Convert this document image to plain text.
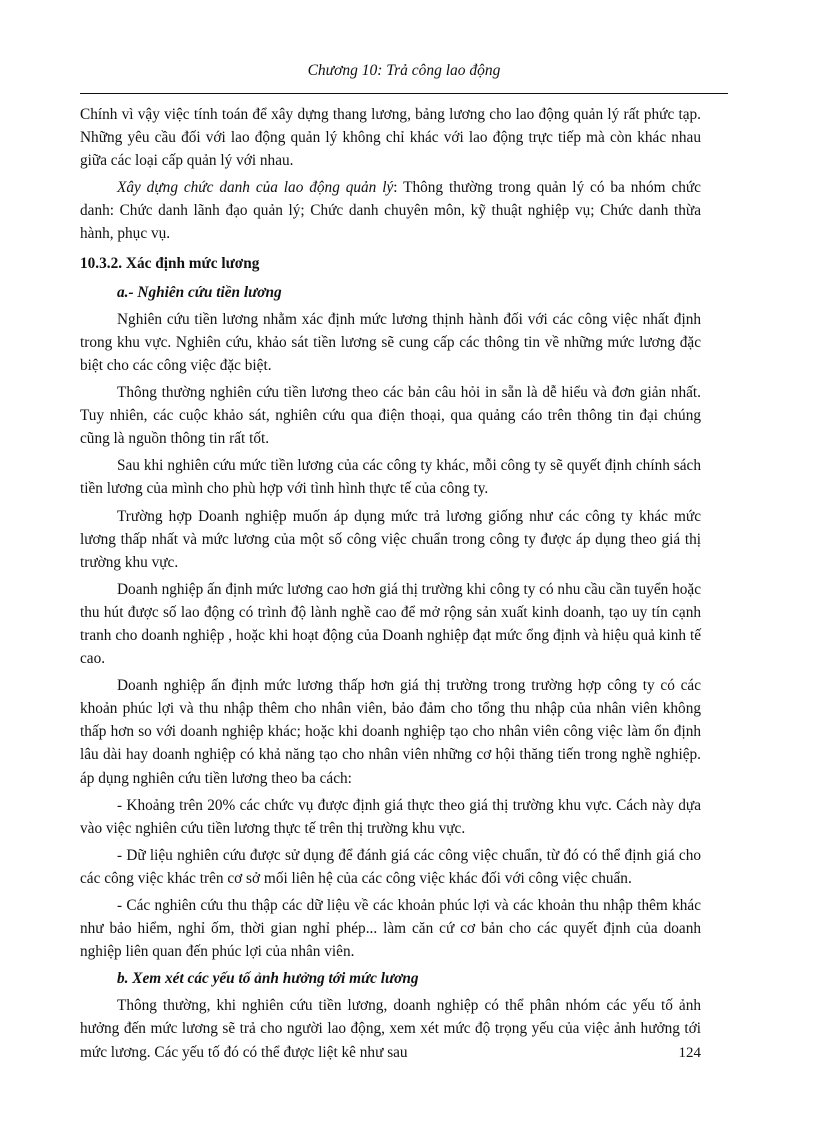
Chương 10: Trả công lao động

Chính vì vậy việc tính toán để xây dựng thang lương, bảng lương cho lao động quản lý rất phức tạp. Những yêu cầu đối với lao động quản lý không chỉ khác với lao động trực tiếp mà còn khác nhau giữa các loại cấp quản lý với nhau.

Xây dựng chức danh của lao động quản lý: Thông thường trong quản lý có ba nhóm chức danh: Chức danh lãnh đạo quản lý; Chức danh chuyên môn, kỹ thuật nghiệp vụ; Chức danh thừa hành, phục vụ.

10.3.2. Xác định mức lương

a.- Nghiên cứu tiền lương

Nghiên cứu tiền lương nhằm xác định mức lương thịnh hành đối với các công việc nhất định trong khu vực. Nghiên cứu, khảo sát tiền lương sẽ cung cấp các thông tin về những mức lương đặc biệt cho các công việc đặc biệt.

Thông thường nghiên cứu tiền lương theo các bản câu hỏi in sẵn là dễ hiểu và đơn giản nhất. Tuy nhiên, các cuộc khảo sát, nghiên cứu qua điện thoại, qua quảng cáo trên thông tin đại chúng cũng là nguồn thông tin rất tốt.

Sau khi nghiên cứu mức tiền lương của các công ty khác, mỗi công ty sẽ quyết định chính sách tiền lương của mình cho phù hợp với tình hình thực tế của công ty.

Trường hợp Doanh nghiệp muốn áp dụng mức trả lương giống như các công ty khác mức lương thấp nhất và mức lương của một số công việc chuẩn trong công ty được áp dụng theo giá thị trường khu vực.

Doanh nghiệp ấn định mức lương cao hơn giá thị trường khi công ty có nhu cầu cần tuyển hoặc thu hút được số lao động có trình độ lành nghề cao để mở rộng sản xuất kinh doanh, tạo uy tín cạnh tranh cho doanh nghiệp , hoặc khi hoạt động của Doanh nghiệp đạt mức ổng định và hiệu quả kinh tế cao.

Doanh nghiệp ấn định mức lương thấp hơn giá thị trường trong trường hợp công ty có các khoản phúc lợi và thu nhập thêm cho nhân viên, bảo đảm cho tổng thu nhập của nhân viên không thấp hơn so với doanh nghiệp khác; hoặc khi doanh nghiệp tạo cho nhân viên công việc làm ổn định lâu dài hay doanh nghiệp có khả năng tạo cho nhân viên những cơ hội thăng tiến trong nghề nghiệp. áp dụng nghiên cứu tiền lương theo ba cách:

- Khoảng trên 20% các chức vụ được định giá thực theo giá thị trường khu vực. Cách này dựa vào việc nghiên cứu tiền lương thực tế trên thị trường khu vực.

- Dữ liệu nghiên cứu được sử dụng để đánh giá các công việc chuẩn, từ đó có thể định giá cho các công việc khác trên cơ sở mối liên hệ của các công việc khác đối với công việc chuẩn.

- Các nghiên cứu thu thập các dữ liệu về các khoản phúc lợi và các khoản thu nhập thêm khác như bảo hiểm, nghỉ ốm, thời gian nghỉ phép... làm căn cứ cơ bản cho các quyết định của doanh nghiệp liên quan đến phúc lợi của nhân viên.

b. Xem xét các yếu tố ảnh hưởng tới mức lương

Thông thường, khi nghiên cứu tiền lương, doanh nghiệp có thể phân nhóm các yếu tố ảnh hưởng đến mức lương sẽ trả cho người lao động, xem xét mức độ trọng yếu của việc ảnh hưởng tới mức lương. Các yếu tố đó có thể được liệt kê như sau	124
